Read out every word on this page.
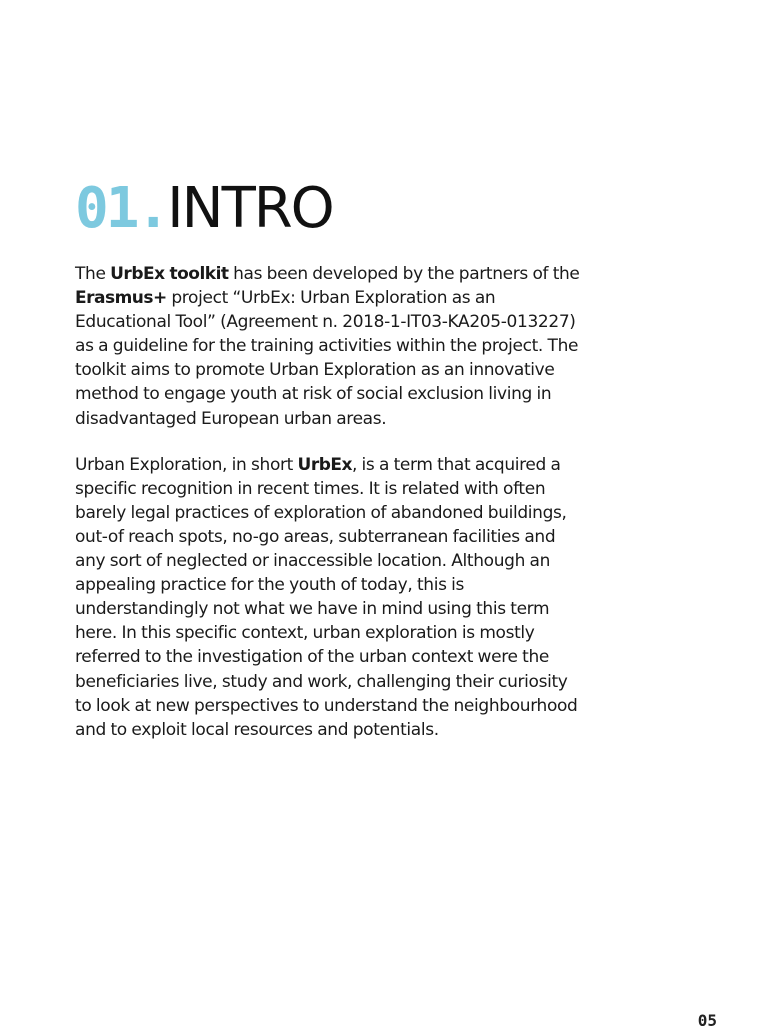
01.INTRO

The UrbEx toolkit has been developed by the partners of the Erasmus+ project “UrbEx: Urban Exploration as an Educational Tool” (Agreement n. 2018-1-IT03-KA205-013227) as a guideline for the training activities within the project. The toolkit aims to promote Urban Exploration as an innovative method to engage youth at risk of social exclusion living in disadvantaged European urban areas.

Urban Exploration, in short UrbEx, is a term that acquired a specific recognition in recent times. It is related with often barely legal practices of exploration of abandoned buildings, out-of reach spots, no-go areas, subterranean facilities and any sort of neglected or inaccessible location. Although an appealing practice for the youth of today, this is understandingly not what we have in mind using this term here. In this specific context, urban exploration is mostly referred to the investigation of the urban context were the beneficiaries live, study and work, challenging their curiosity to look at new perspectives to understand the neighbourhood and to exploit local resources and potentials.

05
